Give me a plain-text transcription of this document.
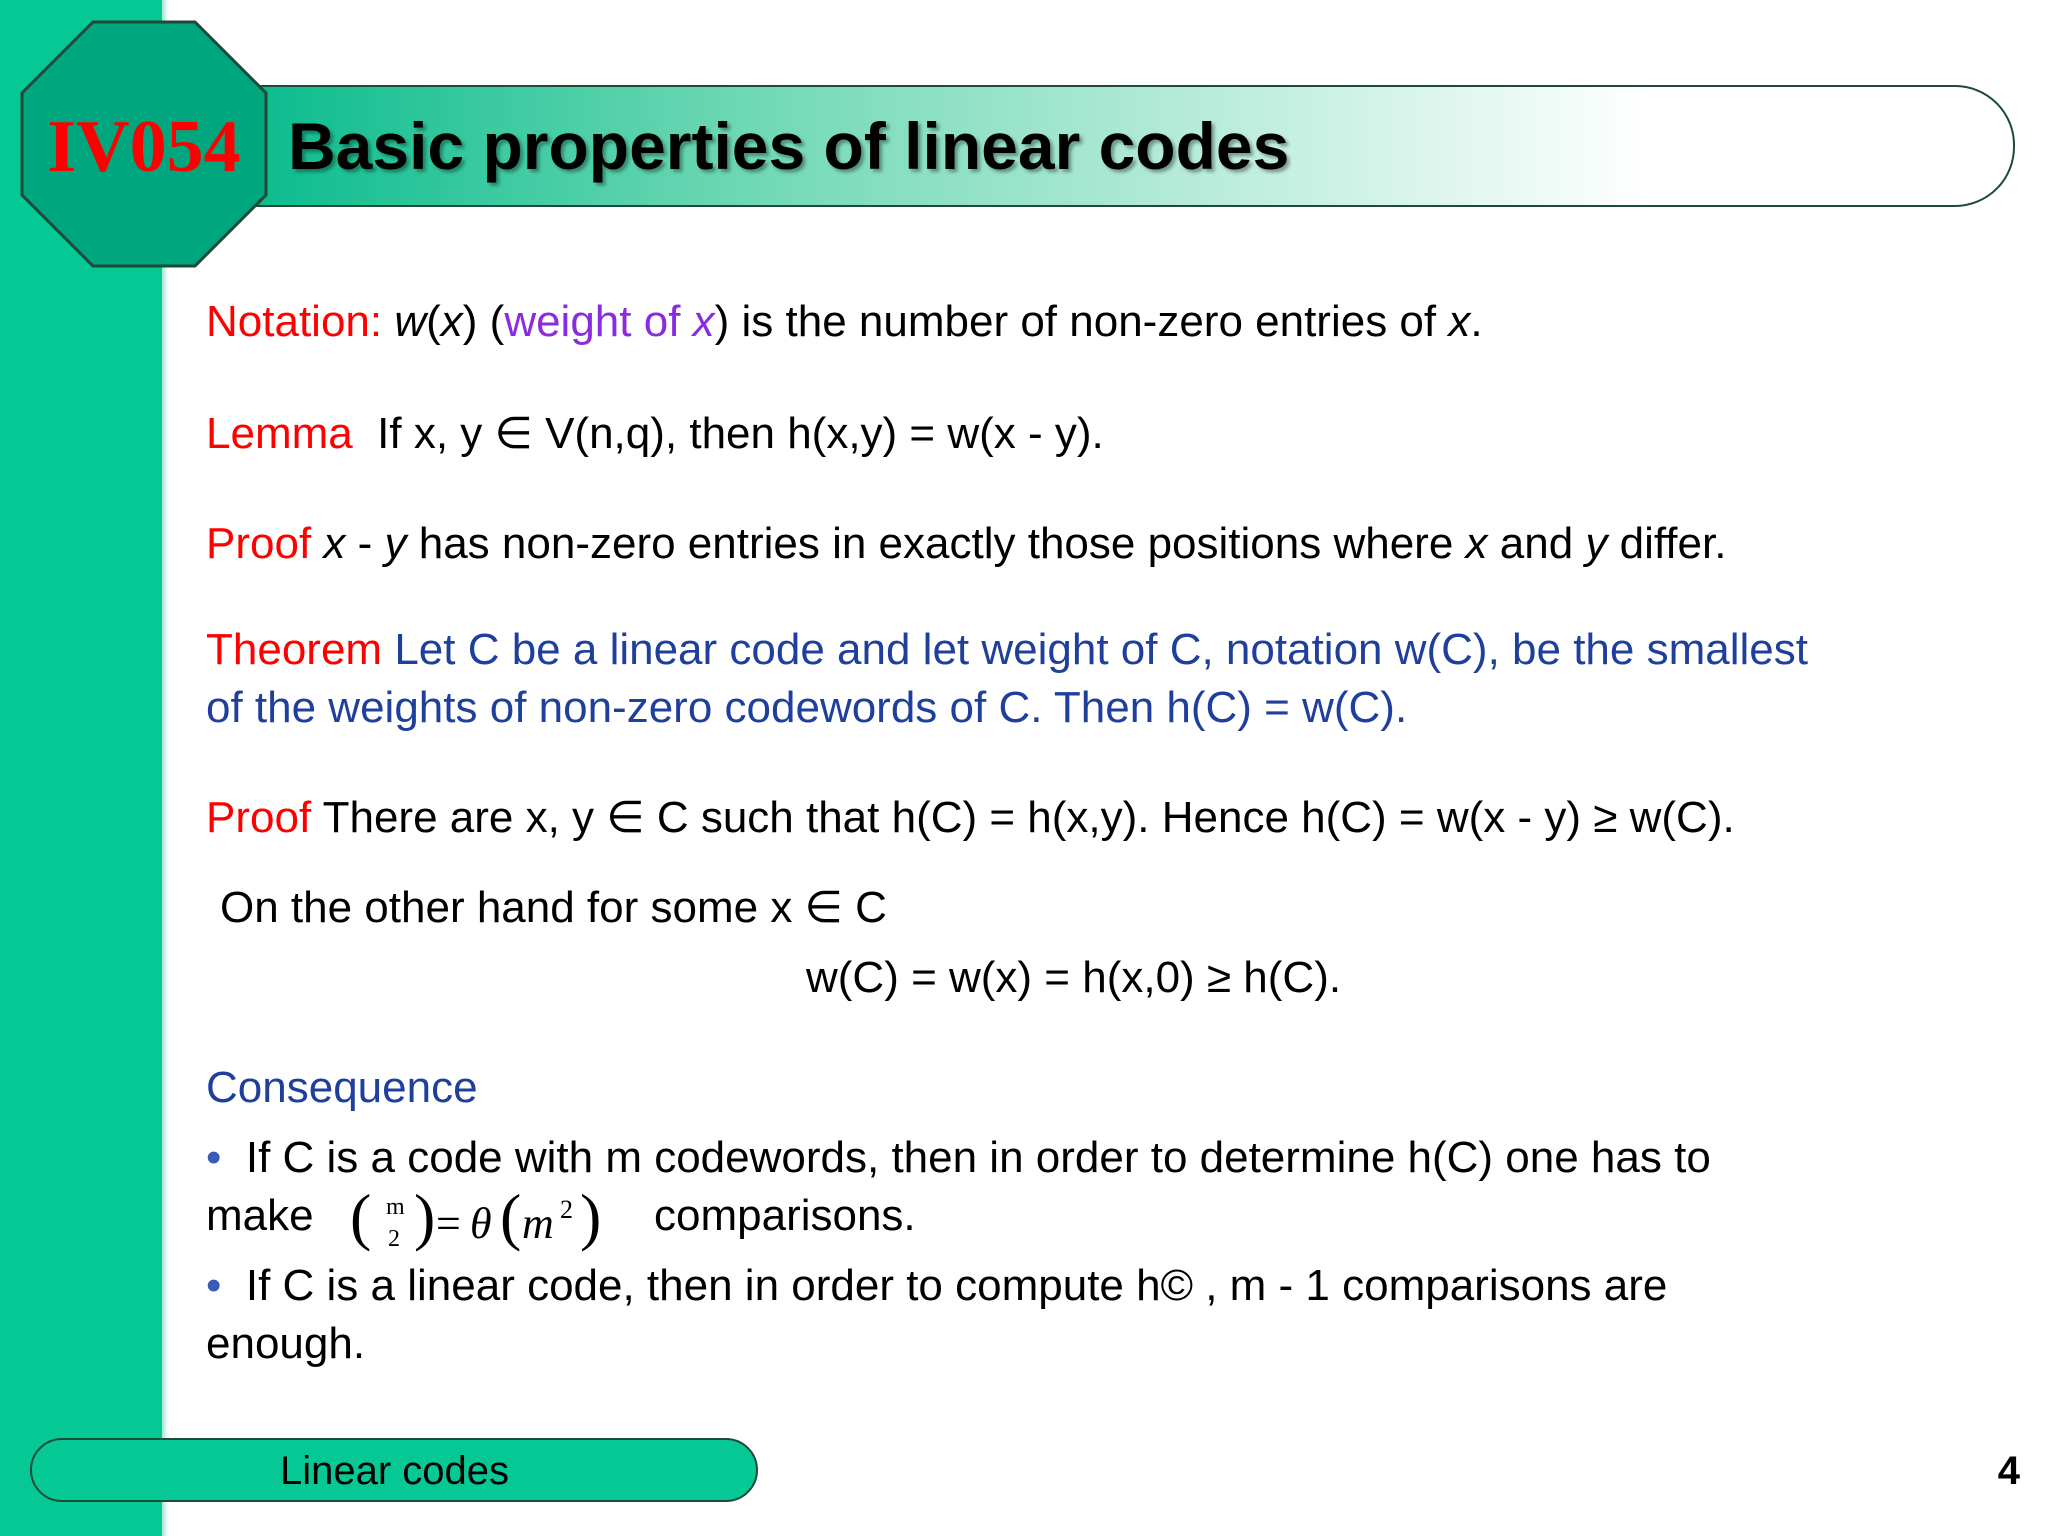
Basic properties of linear codes
IV054
Notation: w(x) (weight of x) is the number of non-zero entries of x.
Lemma If x, y ∈ V(n,q), then h(x,y) = w(x - y).
Proof x - y has non-zero entries in exactly those positions where x and y differ.
Theorem Let C be a linear code and let weight of C, notation w(C), be the smallest
of the weights of non-zero codewords of C. Then h(C) = w(C).
Proof There are x, y ∈ C such that h(C) = h(x,y). Hence h(C) = w(x - y) ≥ w(C).
On the other hand for some x ∈ C
w(C) = w(x) = h(x,0) ≥ h(C).
Consequence
• If C is a code with m codewords, then in order to determine h(C) one has to
make ( m
2 ) = θ ( m 2 ) comparisons.
• If C is a linear code, then in order to compute h© , m - 1 comparisons are
enough.
Linear codes	4
